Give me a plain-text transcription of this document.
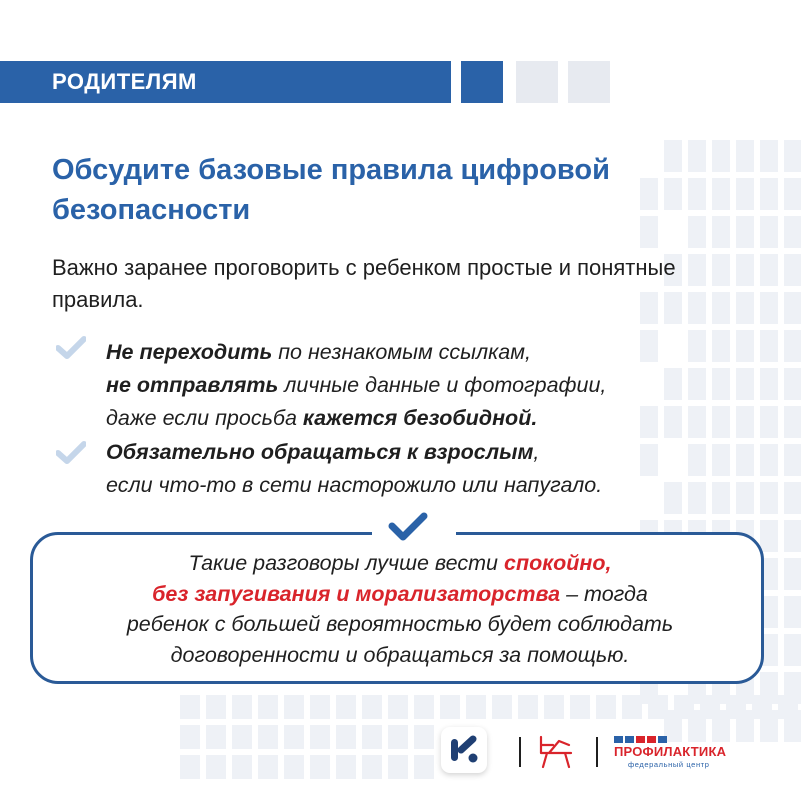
РОДИТЕЛЯМ
Обсудите базовые правила цифровой безопасности
Важно заранее проговорить с ребенком простые и понятные правила.
Не переходить по незнакомым ссылкам,
не отправлять личные данные и фотографии,
даже если просьба кажется безобидной.
Обязательно обращаться к взрослым,
если что-то в сети насторожило или напугало.
Такие разговоры лучше вести спокойно,
без запугивания и морализаторства – тогда
ребенок с большей вероятностью будет соблюдать
договоренности и обращаться за помощью.
ПРОФИЛАКТИКА
федеральный центр
